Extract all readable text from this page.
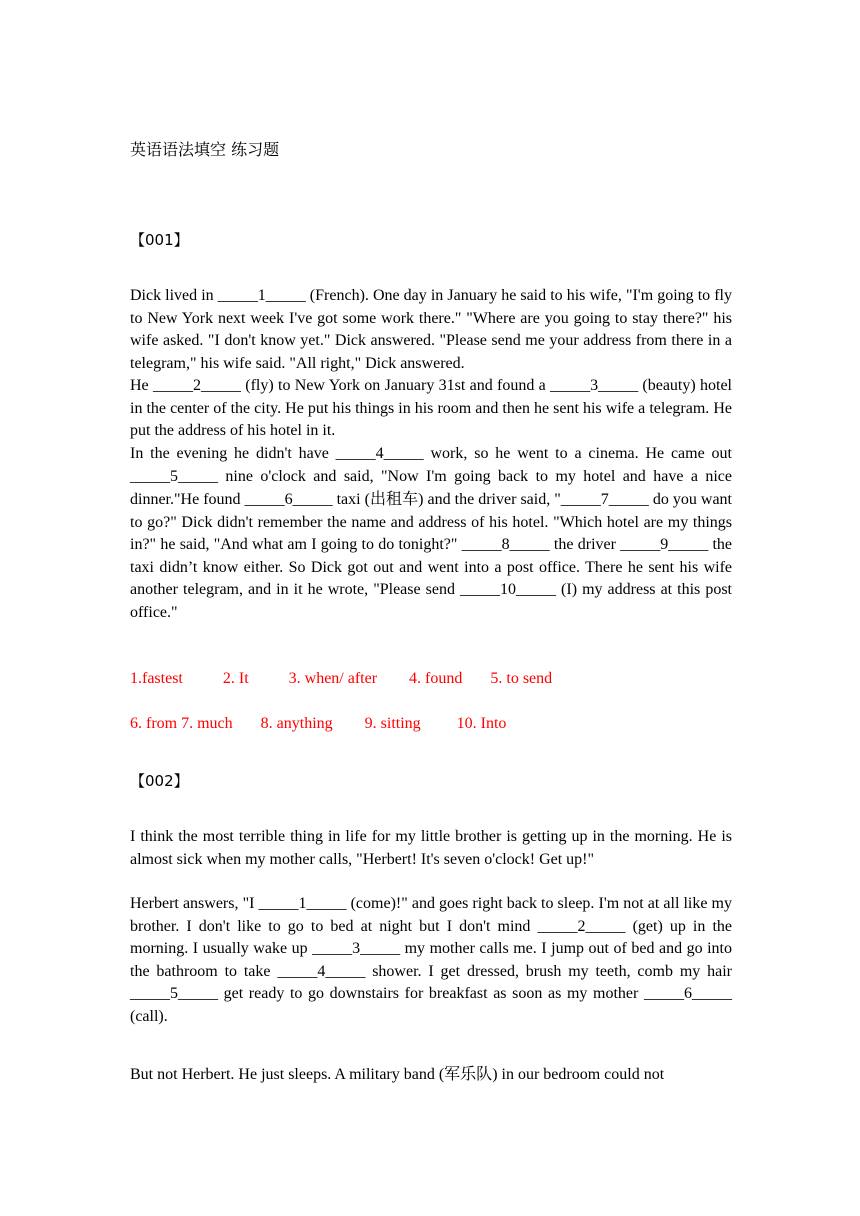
英语语法填空 练习题
【001】

Dick lived in _____1_____ (French). One day in January he said to his wife, "I'm going to fly to New York next week I've got some work there." "Where are you going to stay there?" his wife asked. "I don't know yet." Dick answered. "Please send me your address from there in a telegram," his wife said. "All right," Dick answered.

He _____2_____ (fly) to New York on January 31st and found a _____3_____ (beauty) hotel in the center of the city. He put his things in his room and then he sent his wife a telegram. He put the address of his hotel in it.

In the evening he didn't have _____4_____ work, so he went to a cinema. He came out _____5_____ nine o'clock and said, "Now I'm going back to my hotel and have a nice dinner."He found _____6_____ taxi (出租车) and the driver said, "_____7_____ do you want to go?" Dick didn't remember the name and address of his hotel. "Which hotel are my things in?" he said, "And what am I going to do tonight?" _____8_____ the driver _____9_____ the taxi didn’t know either. So Dick got out and went into a post office. There he sent his wife another telegram, and in it he wrote, "Please send _____10_____ (I) my address at this post office."

1.fastest          2. It          3. when/ after        4. found       5. to send
6. from 7. much       8. anything        9. sitting         10. Into
【002】

I think the most terrible thing in life for my little brother is getting up in the morning. He is almost sick when my mother calls, "Herbert! It's seven o'clock! Get up!"

Herbert answers, "I _____1_____ (come)!" and goes right back to sleep. I'm not at all like my brother. I don't like to go to bed at night but I don't mind _____2_____ (get) up in the morning. I usually wake up _____3_____ my mother calls me. I jump out of bed and go into the bathroom to take _____4_____ shower. I get dressed, brush my teeth, comb my hair _____5_____ get ready to go downstairs for breakfast as soon as my mother _____6_____ (call).

But not Herbert. He just sleeps. A military band (军乐队) in our bedroom could not
